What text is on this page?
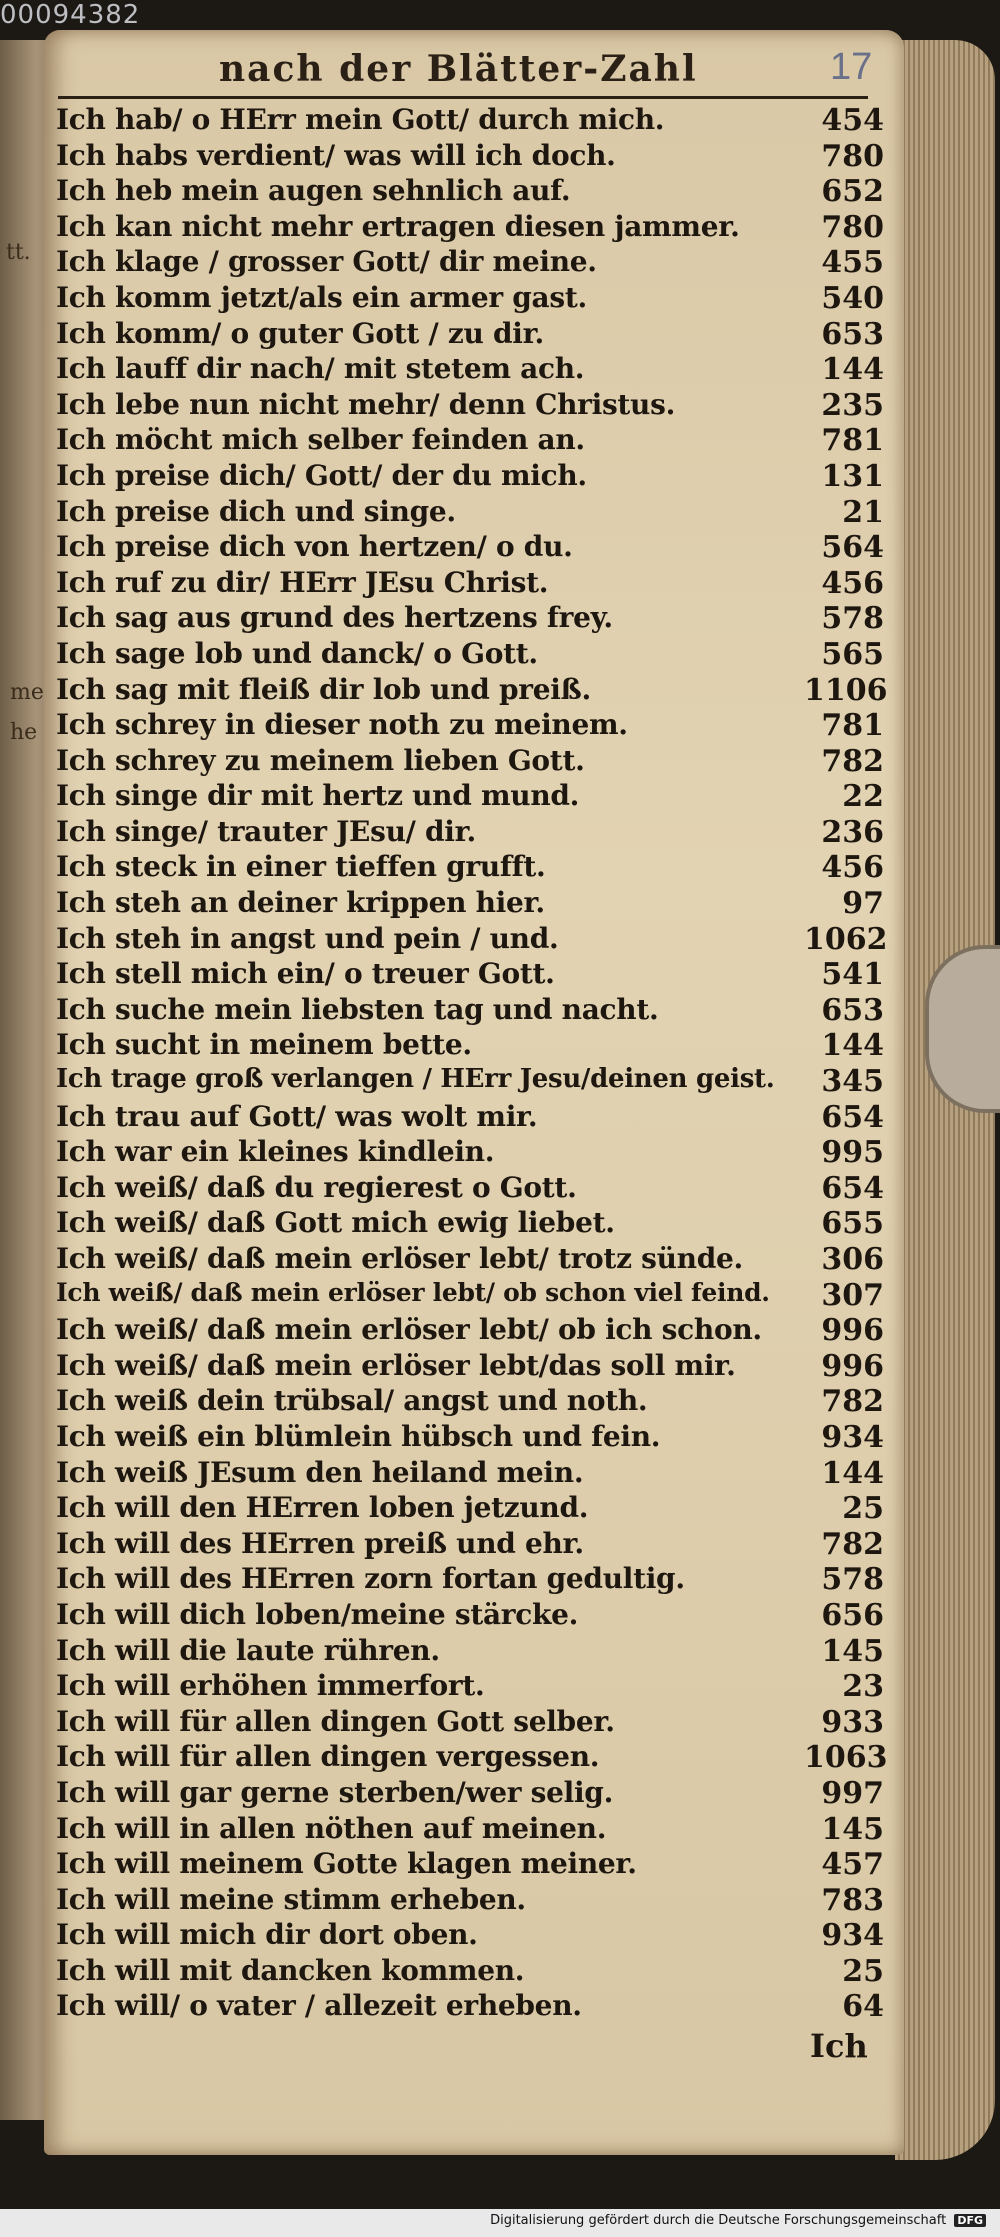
00094382
tt.
me
he
nach der Blätter-Zahl	17
Ich hab/ o HErr mein Gott/ durch mich.	454
Ich habs verdient/ was will ich doch.	780
Ich heb mein augen sehnlich auf.	652
Ich kan nicht mehr ertragen diesen jammer.	780
Ich klage / grosser Gott/ dir meine.	455
Ich komm jetzt/als ein armer gast.	540
Ich komm/ o guter Gott / zu dir.	653
Ich lauff dir nach/ mit stetem ach.	144
Ich lebe nun nicht mehr/ denn Christus.	235
Ich möcht mich selber feinden an.	781
Ich preise dich/ Gott/ der du mich.	131
Ich preise dich und singe.	21
Ich preise dich von hertzen/ o du.	564
Ich ruf zu dir/ HErr JEsu Christ.	456
Ich sag aus grund des hertzens frey.	578
Ich sage lob und danck/ o Gott.	565
Ich sag mit fleiß dir lob und preiß.	1106
Ich schrey in dieser noth zu meinem.	781
Ich schrey zu meinem lieben Gott.	782
Ich singe dir mit hertz und mund.	22
Ich singe/ trauter JEsu/ dir.	236
Ich steck in einer tieffen grufft.	456
Ich steh an deiner krippen hier.	97
Ich steh in angst und pein / und.	1062
Ich stell mich ein/ o treuer Gott.	541
Ich suche mein liebsten tag und nacht.	653
Ich sucht in meinem bette.	144
Ich trage groß verlangen / HErr Jesu/deinen geist.	345
Ich trau auf Gott/ was wolt mir.	654
Ich war ein kleines kindlein.	995
Ich weiß/ daß du regierest o Gott.	654
Ich weiß/ daß Gott mich ewig liebet.	655
Ich weiß/ daß mein erlöser lebt/ trotz sünde.	306
Ich weiß/ daß mein erlöser lebt/ ob schon viel feind.	307
Ich weiß/ daß mein erlöser lebt/ ob ich schon.	996
Ich weiß/ daß mein erlöser lebt/das soll mir.	996
Ich weiß dein trübsal/ angst und noth.	782
Ich weiß ein blümlein hübsch und fein.	934
Ich weiß JEsum den heiland mein.	144
Ich will den HErren loben jetzund.	25
Ich will des HErren preiß und ehr.	782
Ich will des HErren zorn fortan gedultig.	578
Ich will dich loben/meine stärcke.	656
Ich will die laute rühren.	145
Ich will erhöhen immerfort.	23
Ich will für allen dingen Gott selber.	933
Ich will für allen dingen vergessen.	1063
Ich will gar gerne sterben/wer selig.	997
Ich will in allen nöthen auf meinen.	145
Ich will meinem Gotte klagen meiner.	457
Ich will meine stimm erheben.	783
Ich will mich dir dort oben.	934
Ich will mit dancken kommen.	25
Ich will/ o vater / allezeit erheben.	64
Ich
Digitalisierung gefördert durch die Deutsche Forschungsgemeinschaft DFG
